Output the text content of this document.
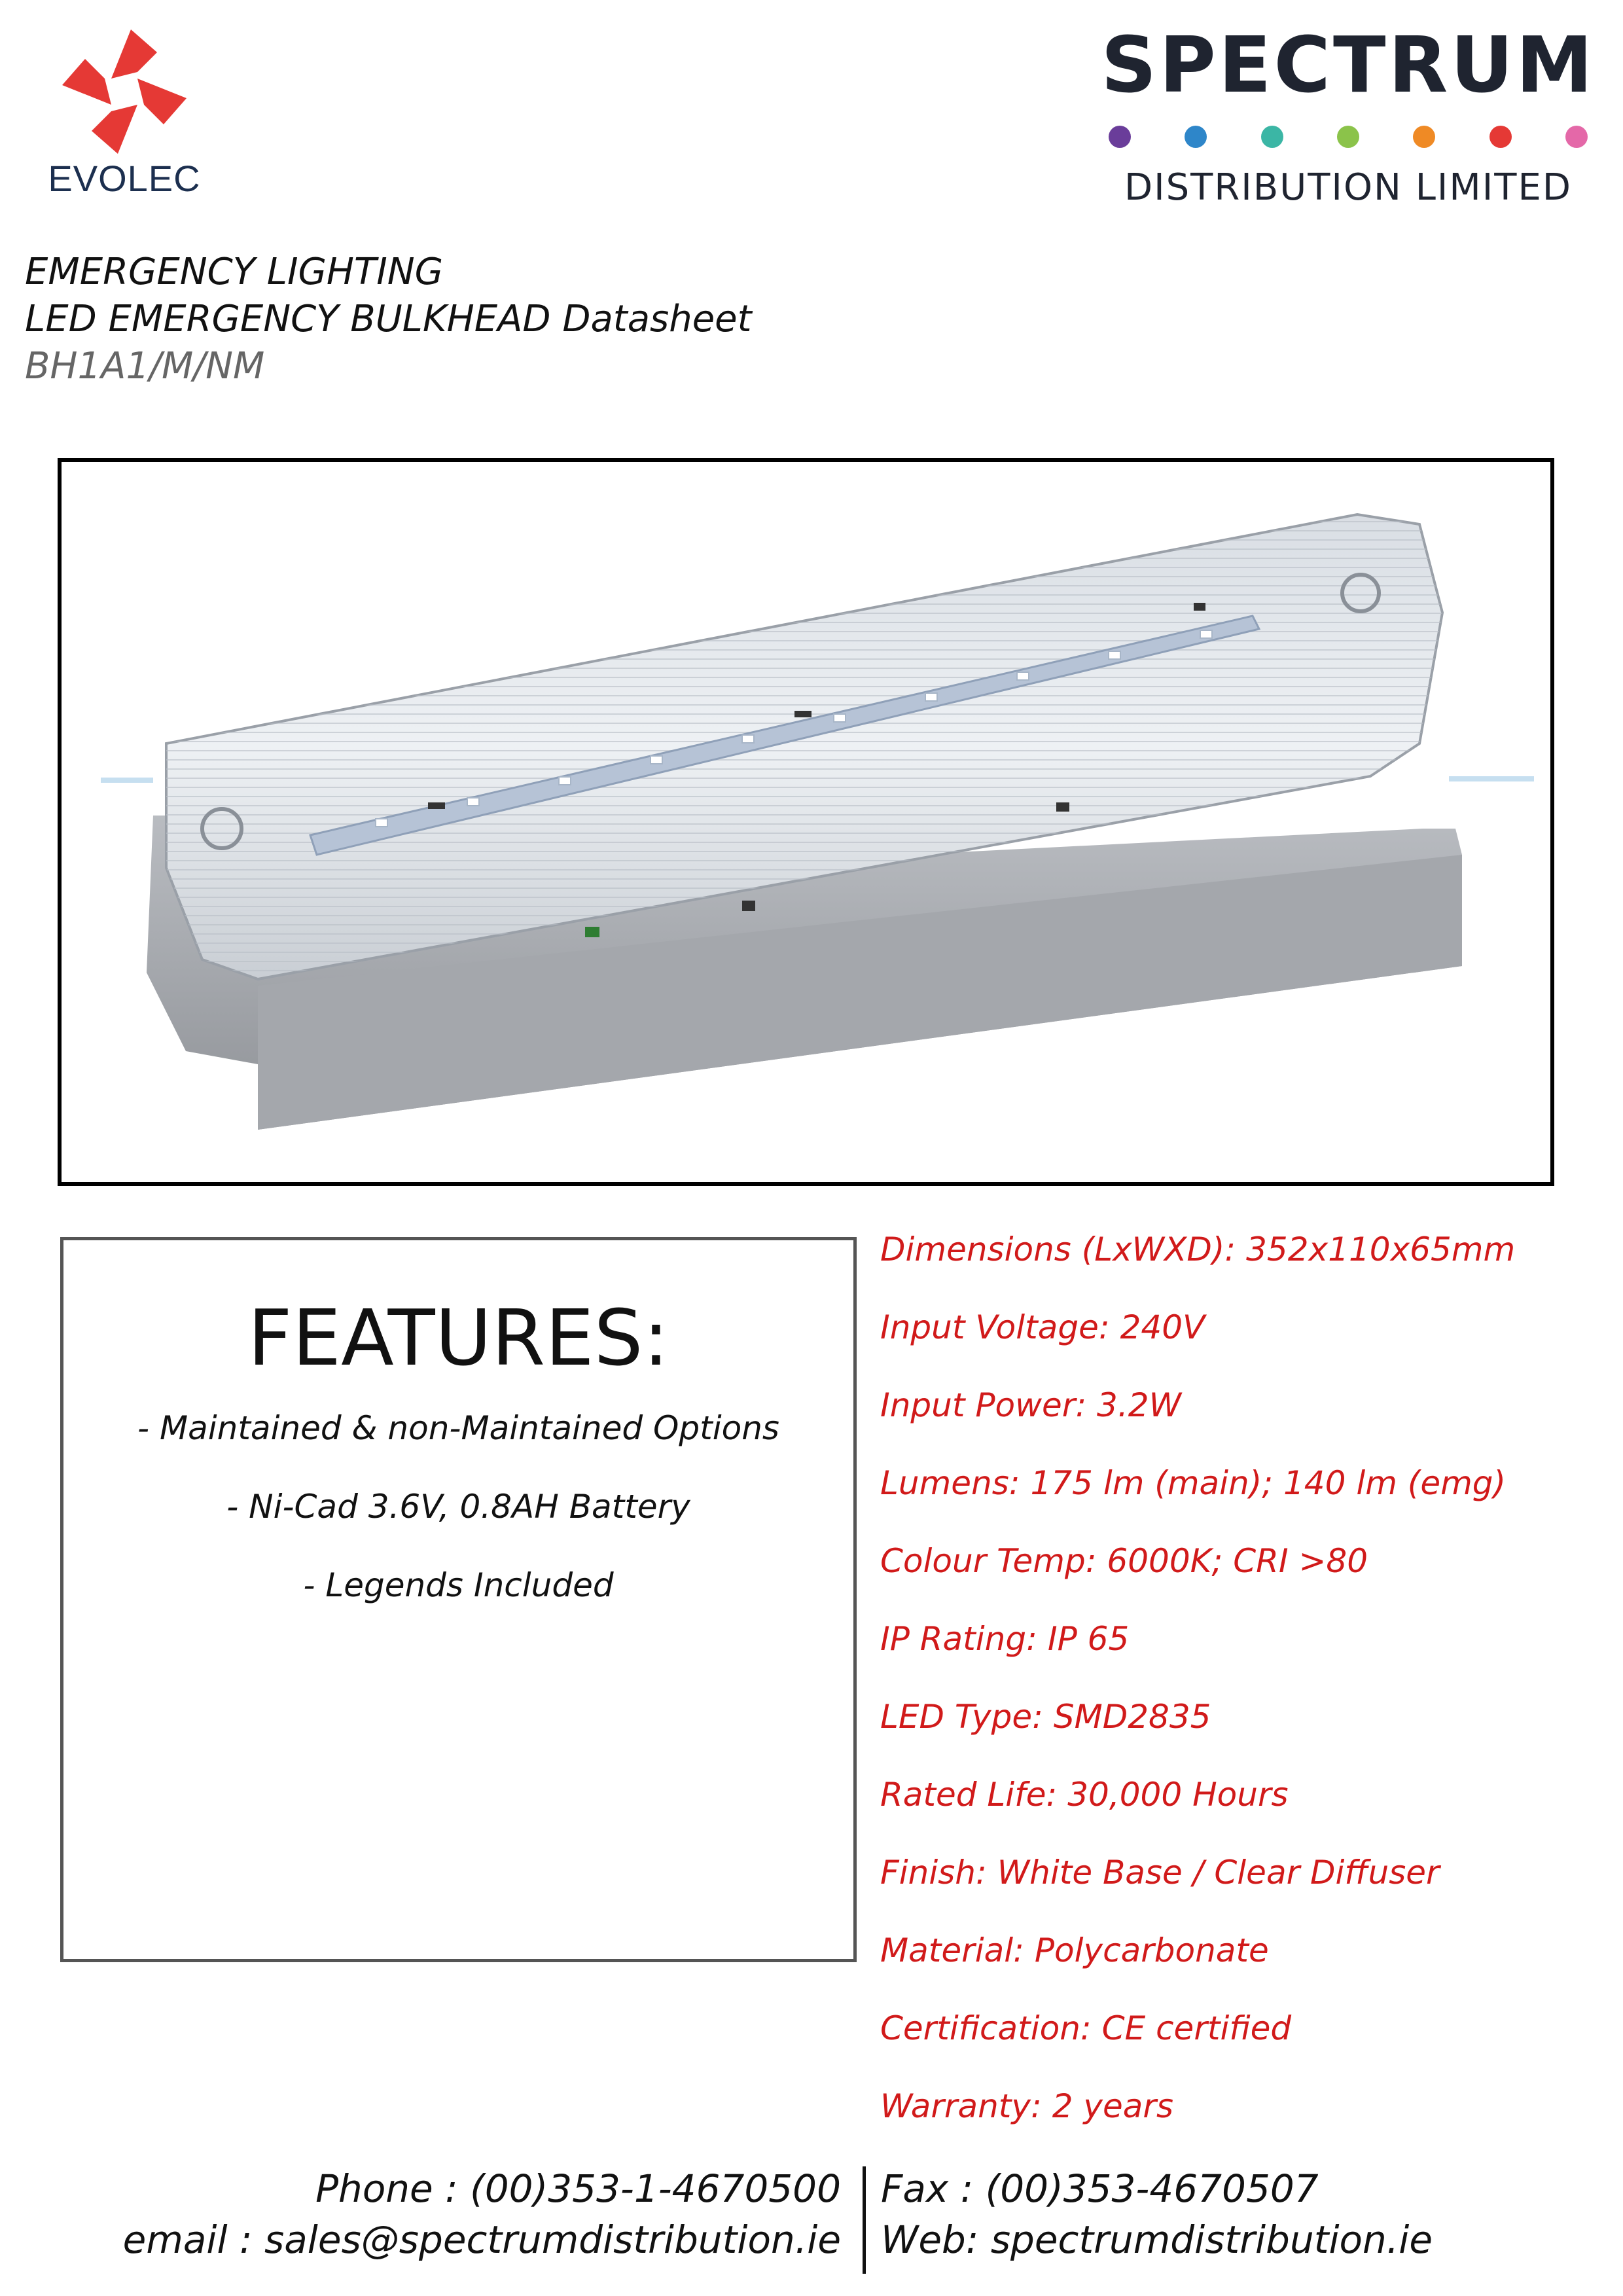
EVOLEC
SPECTRUM
DISTRIBUTION LIMITED
EMERGENCY LIGHTING
LED EMERGENCY BULKHEAD Datasheet
BH1A1/M/NM
FEATURES:
- Maintained & non-Maintained Options
- Ni-Cad 3.6V, 0.8AH Battery
- Legends Included
Dimensions (LxWXD): 352x110x65mm
Input Voltage: 240V
Input Power: 3.2W
Lumens: 175 lm (main); 140 lm (emg)
Colour Temp: 6000K; CRI >80
IP Rating: IP 65
LED Type: SMD2835
Rated Life: 30,000 Hours
Finish: White Base / Clear Diffuser
Material: Polycarbonate
Certification: CE certified
Warranty: 2 years
Phone : (00)353-1-4670500 Fax : (00)353-4670507
email : sales@spectrumdistribution.ie Web: spectrumdistribution.ie
